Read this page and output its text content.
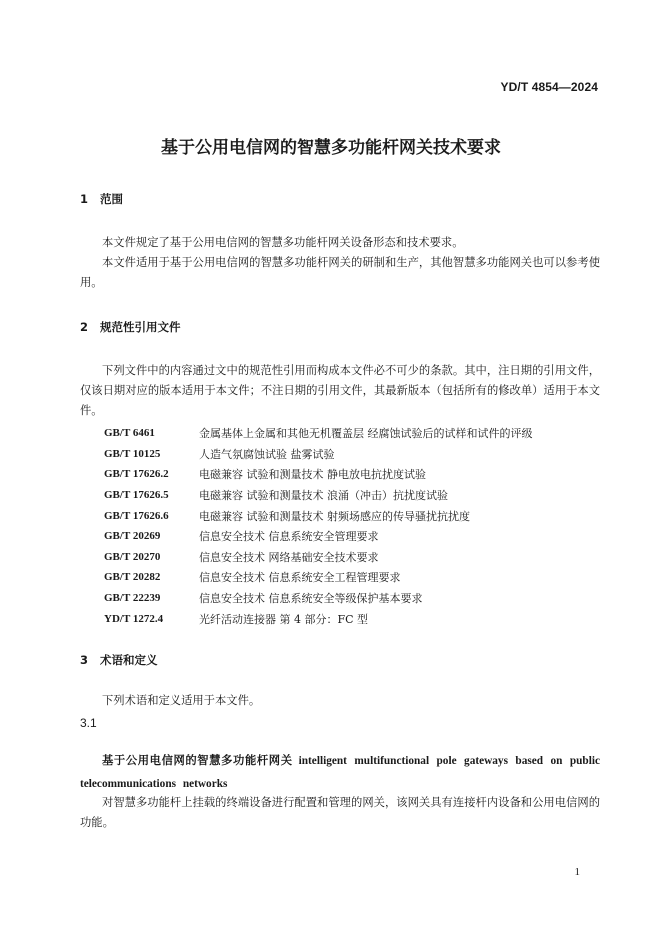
YD/T 4854—2024
基于公用电信网的智慧多功能杆网关技术要求
1 范围
本文件规定了基于公用电信网的智慧多功能杆网关设备形态和技术要求。
本文件适用于基于公用电信网的智慧多功能杆网关的研制和生产，其他智慧多功能网关也可以参考使用。
2 规范性引用文件
下列文件中的内容通过文中的规范性引用而构成本文件必不可少的条款。其中，注日期的引用文件，仅该日期对应的版本适用于本文件；不注日期的引用文件，其最新版本（包括所有的修改单）适用于本文件。
GB/T 6461	金属基体上金属和其他无机覆盖层 经腐蚀试验后的试样和试件的评级
GB/T 10125	人造气氛腐蚀试验 盐雾试验
GB/T 17626.2	电磁兼容 试验和测量技术 静电放电抗扰度试验
GB/T 17626.5	电磁兼容 试验和测量技术 浪涌（冲击）抗扰度试验
GB/T 17626.6	电磁兼容 试验和测量技术 射频场感应的传导骚扰抗扰度
GB/T 20269	信息安全技术 信息系统安全管理要求
GB/T 20270	信息安全技术 网络基础安全技术要求
GB/T 20282	信息安全技术 信息系统安全工程管理要求
GB/T 22239	信息安全技术 信息系统安全等级保护基本要求
YD/T 1272.4	光纤活动连接器 第 4 部分：FC 型
3 术语和定义
下列术语和定义适用于本文件。
3.1
基于公用电信网的智慧多功能杆网关 intelligent multifunctional pole gateways based on public telecommunications networks
对智慧多功能杆上挂载的终端设备进行配置和管理的网关，该网关具有连接杆内设备和公用电信网的功能。
1
